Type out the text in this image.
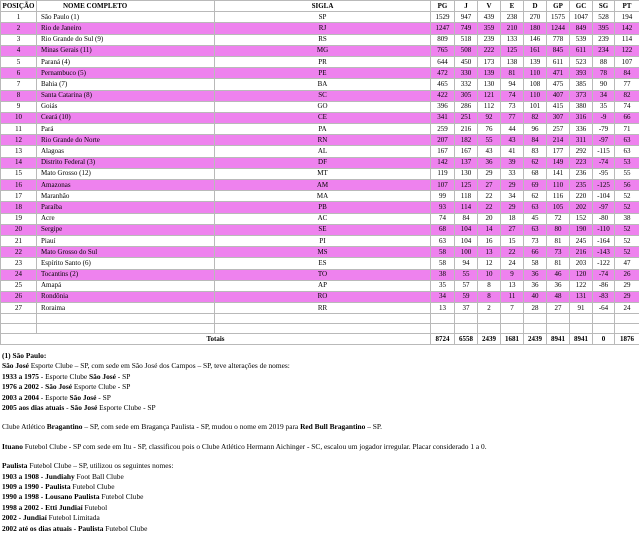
POSIÇÃO	NOME COMPLETO	SIGLA	PG	J	V	E	D	GP	GC	SG	PT
1	São Paulo (1)	SP	1529	947	439	238	270	1575	1047	528	194
2	Rio de Janeiro	RJ	1247	749	359	210	180	1244	849	395	142
3	Rio Grande do Sul (9)	RS	809	518	239	133	146	778	539	239	114
4	Minas Gerais (11)	MG	765	508	222	125	161	845	611	234	122
5	Paraná (4)	PR	644	450	173	138	139	611	523	88	107
6	Pernambuco (5)	PE	472	330	139	81	110	471	393	78	84
7	Bahia (7)	BA	465	332	130	94	108	475	385	90	77
8	Santa Catarina (8)	SC	422	305	121	74	110	407	373	34	82
9	Goiás	GO	396	286	112	73	101	415	380	35	74
10	Ceará (10)	CE	341	251	92	77	82	307	316	-9	66
11	Pará	PA	259	216	76	44	96	257	336	-79	71
12	Rio Grande do Norte	RN	207	182	55	43	84	214	311	-97	63
13	Alagoas	AL	167	167	43	41	83	177	292	-115	63
14	Distrito Federal (3)	DF	142	137	36	39	62	149	223	-74	53
15	Mato Grosso (12)	MT	119	130	29	33	68	141	236	-95	55
16	Amazonas	AM	107	125	27	29	69	110	235	-125	56
17	Maranhão	MA	99	118	22	34	62	116	220	-104	52
18	Paraíba	PB	93	114	22	29	63	105	202	-97	52
19	Acre	AC	74	84	20	18	45	72	152	-80	38
20	Sergipe	SE	68	104	14	27	63	80	190	-110	52
21	Piauí	PI	63	104	16	15	73	81	245	-164	52
22	Mato Grosso do Sul	MS	58	100	13	22	66	73	216	-143	52
23	Espírito Santo (6)	ES	58	94	12	24	58	81	203	-122	47
24	Tocantins (2)	TO	38	55	10	9	36	46	120	-74	26
25	Amapá	AP	35	57	8	13	36	36	122	-86	29
26	Rondônia	RO	34	59	8	11	40	48	131	-83	29
27	Roraima	RR	13	37	2	7	28	27	91	-64	24

Totais			8724	6558	2439	1681	2439	8941	8941	0	1876

(1) São Paulo:

São José Esporte Clube – SP, com sede em São José dos Campos – SP, teve alterações de nomes:

1933 a 1975 - Esporte Clube São José - SP

1976 a 2002 - São José Esporte Clube - SP

2003 a 2004 - Esporte São José - SP

2005 aos dias atuais - São José Esporte Clube - SP

Clube Atlético Bragantino – SP, com sede em Bragança Paulista - SP, mudou o nome em 2019 para Red Bull Bragantino – SP.

Ituano Futebol Clube - SP com sede em Itu - SP, classificou pois o Clube Atlético Hermann Aichinger - SC, escalou um jogador irregular. Placar considerado 1 a 0.

Paulista Futebol Clube – SP, utilizou os seguintes nomes:

1903 a 1908 - Jundiahy Foot Ball Clube

1909 a 1990 - Paulista Futebol Clube

1990 a 1998 - Lousano Paulista Futebol Clube

1998 a 2002 - Etti Jundiaí Futebol

2002 - Jundiaí Futebol Limitada

2002 até os dias atuais - Paulista Futebol Clube
